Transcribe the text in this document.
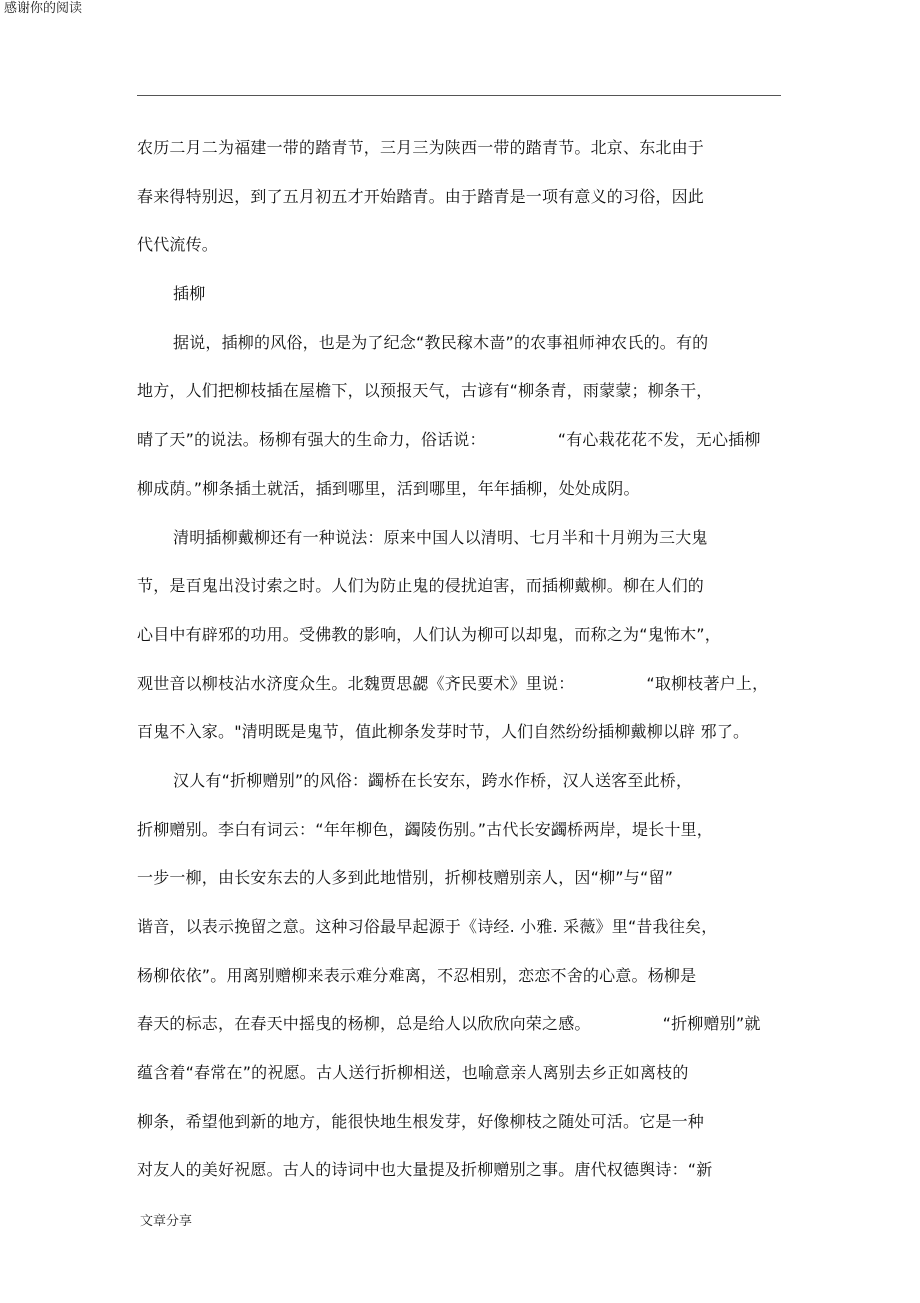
感谢你的阅读
农历二月二为福建一带的踏青节，三月三为陕西一带的踏青节。北京、东北由于
春来得特别迟，到了五月初五才开始踏青。由于踏青是一项有意义的习俗，因此
代代流传。
插柳
据说，插柳的风俗，也是为了纪念“教民稼木啬”的农事祖师神农氏的。有的
地方，人们把柳枝插在屋檐下，以预报天气，古谚有“柳条青，雨蒙蒙；柳条干，
晴了天”的说法。杨柳有强大的生命力，俗话说：	“有心栽花花不发，无心插柳
柳成荫。”柳条插土就活，插到哪里，活到哪里，年年插柳，处处成阴。
清明插柳戴柳还有一种说法：原来中国人以清明、七月半和十月朔为三大鬼
节，是百鬼出没讨索之时。人们为防止鬼的侵扰迫害，而插柳戴柳。柳在人们的
心目中有辟邪的功用。受佛教的影响，人们认为柳可以却鬼，而称之为“鬼怖木”，
观世音以柳枝沾水济度众生。北魏贾思勰《齐民要术》里说：	“取柳枝著户上，
百鬼不入家。"清明既是鬼节，值此柳条发芽时节，人们自然纷纷插柳戴柳以辟 邪了。
汉人有“折柳赠别”的风俗：蠲桥在长安东，跨水作桥，汉人送客至此桥，
折柳赠别。李白有词云：“年年柳色，蠲陵伤别。”古代长安蠲桥两岸，堤长十里，
一步一柳，由长安东去的人多到此地惜别，折柳枝赠别亲人，因“柳”与“留”
谐音，以表示挽留之意。这种习俗最早起源于《诗经. 小雅. 采薇》里“昔我往矣，
杨柳依依”。用离别赠柳来表示难分难离，不忍相别，恋恋不舍的心意。杨柳是
春天的标志，在春天中摇曳的杨柳，总是给人以欣欣向荣之感。	“折柳赠别”就
蕴含着“春常在”的祝愿。古人送行折柳相送，也喻意亲人离别去乡正如离枝的
柳条，希望他到新的地方，能很快地生根发芽，好像柳枝之随处可活。它是一种
对友人的美好祝愿。古人的诗词中也大量提及折柳赠别之事。唐代权德舆诗：“新
文章分享
